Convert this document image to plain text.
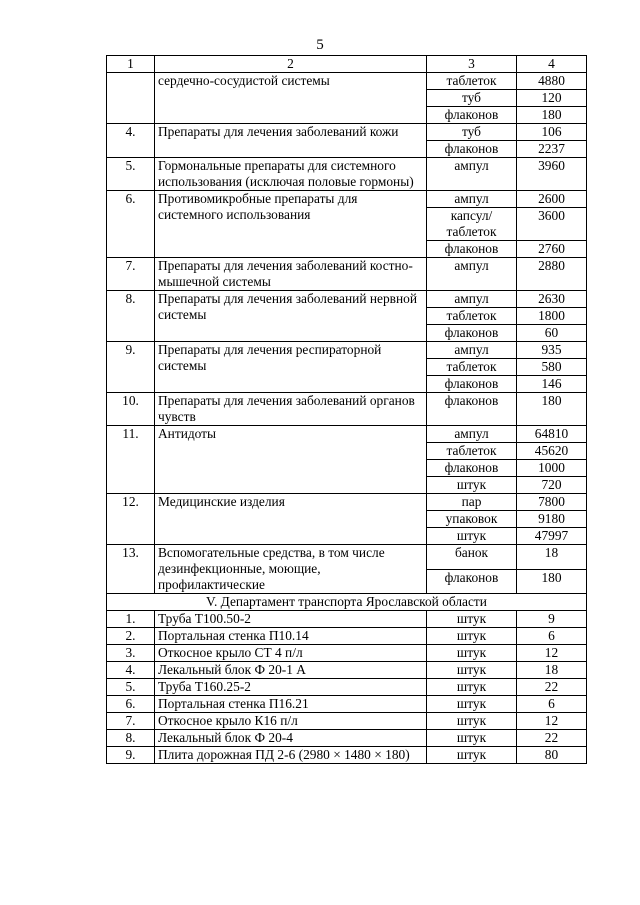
5
1	2	3	4
	сердечно-сосудистой системы	таблеток	4880
		туб	120
		флаконов	180
4.	Препараты для лечения заболеваний кожи	туб	106
		флаконов	2237
5.	Гормональные препараты для системного использования (исключая половые гормоны)	ампул	3960
6.	Противомикробные препараты для системного использования	ампул	2600
		капсул/ таблеток	3600
		флаконов	2760
7.	Препараты для лечения заболеваний костно-мышечной системы	ампул	2880
8.	Препараты для лечения заболеваний нервной системы	ампул	2630
		таблеток	1800
		флаконов	60
9.	Препараты для лечения респираторной системы	ампул	935
		таблеток	580
		флаконов	146
10.	Препараты для лечения заболеваний органов чувств	флаконов	180
11.	Антидоты	ампул	64810
		таблеток	45620
		флаконов	1000
		штук	720
12.	Медицинские изделия	пар	7800
		упаковок	9180
		штук	47997
13.	Вспомогательные средства, в том числе дезинфекционные, моющие, профилактические	банок	18
		флаконов	180
V. Департамент транспорта Ярославской области			
1.	Труба Т100.50-2	штук	9
2.	Портальная стенка П10.14	штук	6
3.	Откосное крыло СТ 4 п/л	штук	12
4.	Лекальный блок Ф 20-1 А	штук	18
5.	Труба Т160.25-2	штук	22
6.	Портальная стенка П16.21	штук	6
7.	Откосное крыло К16 п/л	штук	12
8.	Лекальный блок Ф 20-4	штук	22
9.	Плита дорожная ПД 2-6 (2980 × 1480 × 180)	штук	80
